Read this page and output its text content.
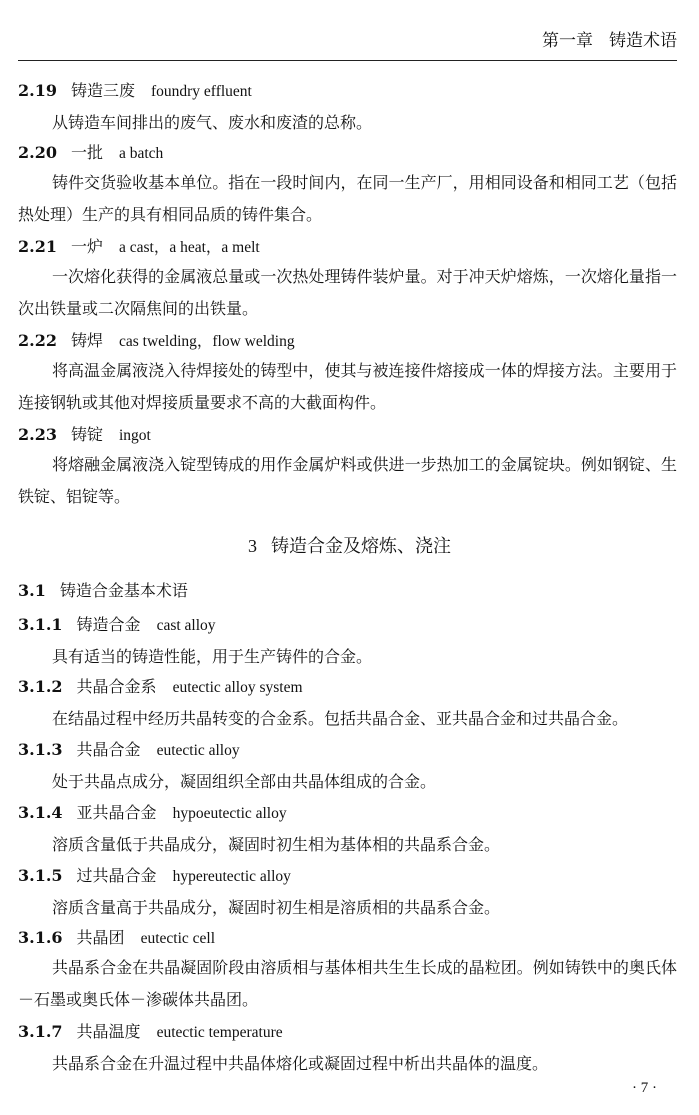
第一章 铸造术语
2.19 铸造三废 foundry effluent

从铸造车间排出的废气、废水和废渣的总称。

2.20 一批 a batch

铸件交货验收基本单位。指在一段时间内，在同一生产厂，用相同设备和相同工艺（包括热处理）生产的具有相同品质的铸件集合。

2.21 一炉 a cast，a heat，a melt

一次熔化获得的金属液总量或一次热处理铸件装炉量。对于冲天炉熔炼，一次熔化量指一次出铁量或二次隔焦间的出铁量。

2.22 铸焊 cas twelding，flow welding

将高温金属液浇入待焊接处的铸型中，使其与被连接件熔接成一体的焊接方法。主要用于连接钢轨或其他对焊接质量要求不高的大截面构件。

2.23 铸锭 ingot

将熔融金属液浇入锭型铸成的用作金属炉料或供进一步热加工的金属锭块。例如钢锭、生铁锭、铝锭等。

3 铸造合金及熔炼、浇注
3.1 铸造合金基本术语
3.1.1 铸造合金 cast alloy

具有适当的铸造性能，用于生产铸件的合金。

3.1.2 共晶合金系 eutectic alloy system

在结晶过程中经历共晶转变的合金系。包括共晶合金、亚共晶合金和过共晶合金。

3.1.3 共晶合金 eutectic alloy

处于共晶点成分，凝固组织全部由共晶体组成的合金。

3.1.4 亚共晶合金 hypoeutectic alloy

溶质含量低于共晶成分，凝固时初生相为基体相的共晶系合金。

3.1.5 过共晶合金 hypereutectic alloy

溶质含量高于共晶成分，凝固时初生相是溶质相的共晶系合金。

3.1.6 共晶团 eutectic cell

共晶系合金在共晶凝固阶段由溶质相与基体相共生生长成的晶粒团。例如铸铁中的奥氏体－石墨或奥氏体－渗碳体共晶团。

3.1.7 共晶温度 eutectic temperature

共晶系合金在升温过程中共晶体熔化或凝固过程中析出共晶体的温度。

· 7 ·
